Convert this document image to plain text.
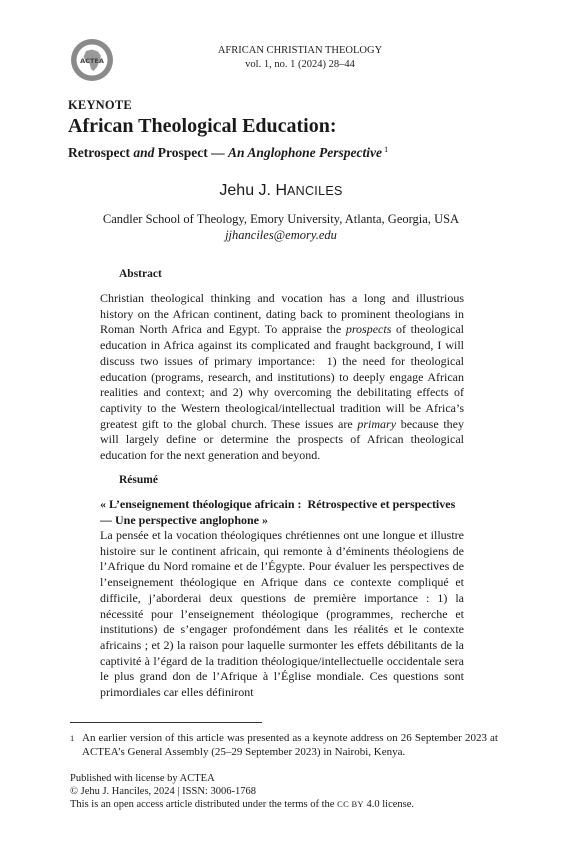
ACTEA
AFRICAN CHRISTIAN THEOLOGY
vol. 1, no. 1 (2024) 28–44
KEYNOTE
African Theological Education:
Retrospect and Prospect — An Anglophone Perspective $^1$
Jehu J. HANCILES
Candler School of Theology, Emory University, Atlanta, Georgia, USA
jjhanciles@emory.edu
Abstract
Christian theological thinking and vocation has a long and illustrious history on the African continent, dating back to prominent theologians in Roman North Africa and Egypt. To appraise the prospects of theological education in Africa against its complicated and fraught background, I will discuss two issues of primary importance:  1) the need for theological education (programs, research, and institutions) to deeply engage African realities and context; and 2) why overcoming the debilitating effects of captivity to the Western theological/intellectual tradition will be Africa’s greatest gift to the global church. These issues are primary because they will largely define or determine the prospects of African theological education for the next generation and beyond.
Résumé
« L’enseignement théologique africain :  Rétrospective et perspectives — Une perspective anglophone »
La pensée et la vocation théologiques chrétiennes ont une longue et illustre histoire sur le continent africain, qui remonte à d’éminents théologiens de l’Afrique du Nord romaine et de l’Égypte. Pour évaluer les perspectives de l’enseignement théologique en Afrique dans ce contexte compliqué et difficile, j’aborderai deux questions de première importance : 1) la nécessité pour l’enseignement théologique (programmes, recherche et institutions) de s’engager profondément dans les réalités et le contexte africains ; et 2) la raison pour laquelle surmonter les effets débilitants de la captivité à l’égard de la tradition théologique/intellectuelle occidentale sera le plus grand don de l’Afrique à l’Église mondiale. Ces questions sont primordiales car elles définiront
1 An earlier version of this article was presented as a keynote address on 26 September 2023 at ACTEA’s General Assembly (25–29 September 2023) in Nairobi, Kenya.
Published with license by ACTEA
© Jehu J. Hanciles, 2024 | ISSN: 3006-1768
This is an open access article distributed under the terms of the CC BY 4.0 license.
